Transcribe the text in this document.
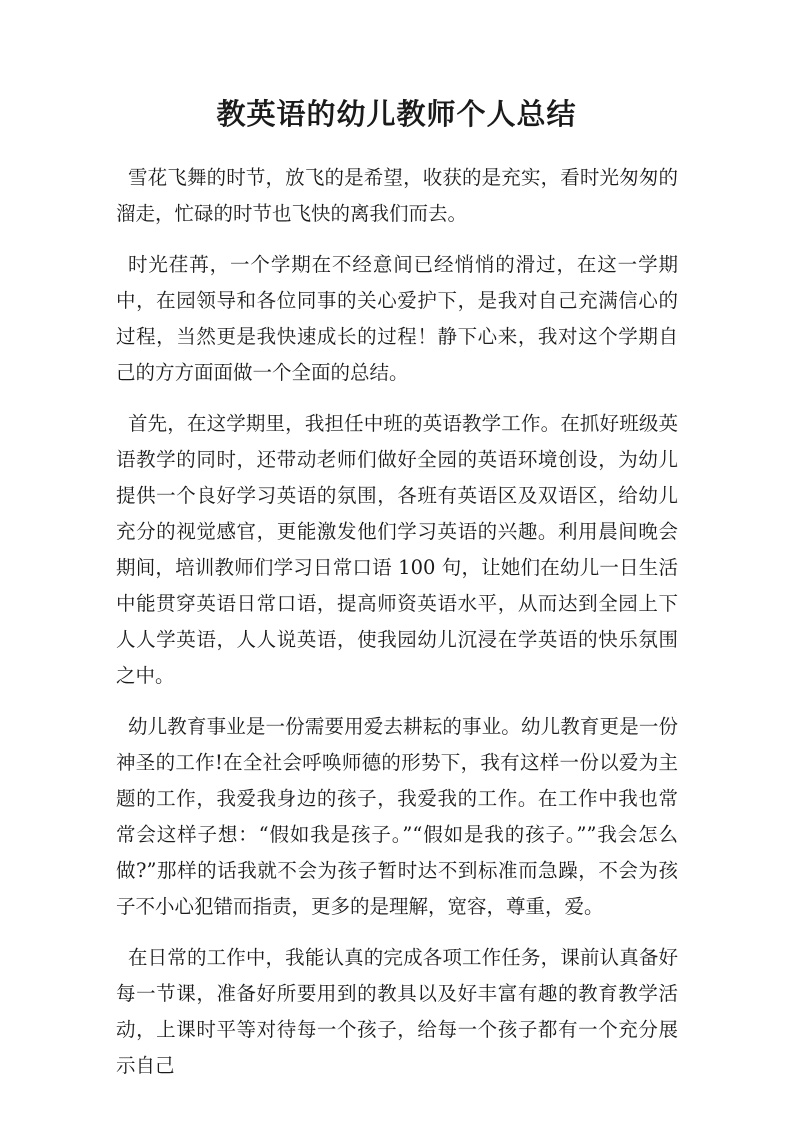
教英语的幼儿教师个人总结

雪花飞舞的时节，放飞的是希望，收获的是充实，看时光匆匆的溜走，忙碌的时节也飞快的离我们而去。

时光荏苒，一个学期在不经意间已经悄悄的滑过，在这一学期中，在园领导和各位同事的关心爱护下，是我对自己充满信心的过程，当然更是我快速成长的过程！静下心来，我对这个学期自己的方方面面做一个全面的总结。

首先，在这学期里，我担任中班的英语教学工作。在抓好班级英语教学的同时，还带动老师们做好全园的英语环境创设，为幼儿提供一个良好学习英语的氛围，各班有英语区及双语区，给幼儿充分的视觉感官，更能激发他们学习英语的兴趣。利用晨间晚会期间，培训教师们学习日常口语 100 句，让她们在幼儿一日生活中能贯穿英语日常口语，提高师资英语水平，从而达到全园上下人人学英语，人人说英语，使我园幼儿沉浸在学英语的快乐氛围之中。

幼儿教育事业是一份需要用爱去耕耘的事业。幼儿教育更是一份神圣的工作!在全社会呼唤师德的形势下，我有这样一份以爱为主题的工作，我爱我身边的孩子，我爱我的工作。在工作中我也常常会这样子想：“假如我是孩子。”“假如是我的孩子。””我会怎么做?”那样的话我就不会为孩子暂时达不到标准而急躁，不会为孩子不小心犯错而指责，更多的是理解，宽容，尊重，爱。

在日常的工作中，我能认真的完成各项工作任务，课前认真备好每一节课，准备好所要用到的教具以及好丰富有趣的教育教学活动，上课时平等对待每一个孩子，给每一个孩子都有一个充分展示自己
